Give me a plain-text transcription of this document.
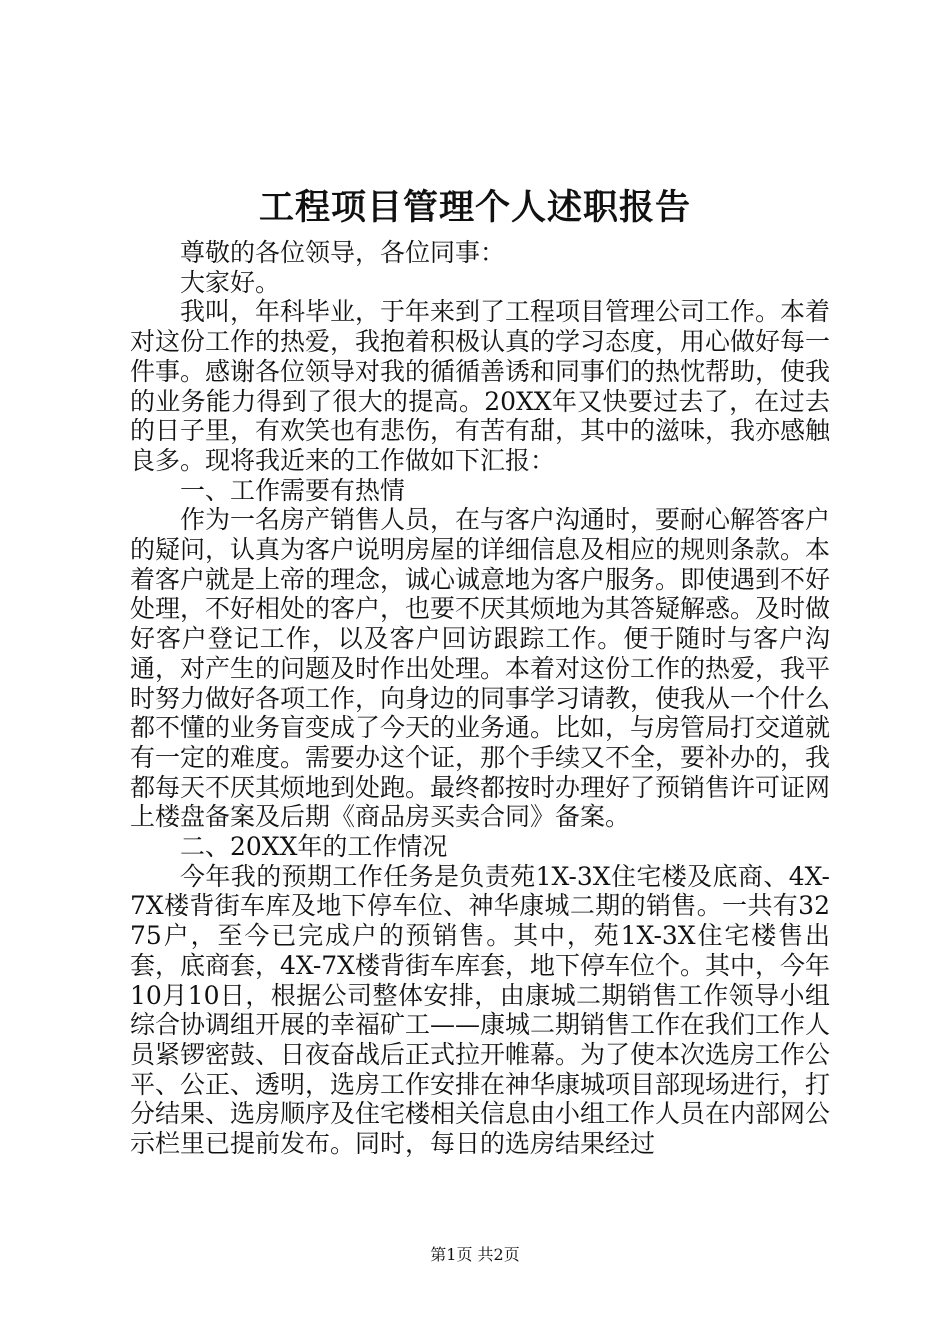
工程项目管理个人述职报告

尊敬的各位领导，各位同事：

大家好。

我叫，年科毕业，于年来到了工程项目管理公司工作。本着对这份工作的热爱，我抱着积极认真的学习态度，用心做好每一件事。感谢各位领导对我的循循善诱和同事们的热忱帮助，使我的业务能力得到了很大的提高。20XX年又快要过去了，在过去的日子里，有欢笑也有悲伤，有苦有甜，其中的滋味，我亦感触良多。现将我近来的工作做如下汇报：

一、工作需要有热情

作为一名房产销售人员，在与客户沟通时，要耐心解答客户的疑问，认真为客户说明房屋的详细信息及相应的规则条款。本着客户就是上帝的理念，诚心诚意地为客户服务。即使遇到不好处理，不好相处的客户，也要不厌其烦地为其答疑解惑。及时做好客户登记工作，以及客户回访跟踪工作。便于随时与客户沟通，对产生的问题及时作出处理。本着对这份工作的热爱，我平时努力做好各项工作，向身边的同事学习请教，使我从一个什么都不懂的业务盲变成了今天的业务通。比如，与房管局打交道就有一定的难度。需要办这个证，那个手续又不全，要补办的，我都每天不厌其烦地到处跑。最终都按时办理好了预销售许可证网上楼盘备案及后期《商品房买卖合同》备案。

二、20XX年的工作情况

今年我的预期工作任务是负责苑1X-3X住宅楼及底商、4X-7X楼背街车库及地下停车位、神华康城二期的销售。一共有3275户，至今已完成户的预销售。其中，苑1X-3X住宅楼售出套，底商套，4X-7X楼背街车库套，地下停车位个。其中，今年10月10日，根据公司整体安排，由康城二期销售工作领导小组综合协调组开展的幸福矿工——康城二期销售工作在我们工作人员紧锣密鼓、日夜奋战后正式拉开帷幕。为了使本次选房工作公平、公正、透明，选房工作安排在神华康城项目部现场进行，打分结果、选房顺序及住宅楼相关信息由小组工作人员在内部网公示栏里已提前发布。同时，每日的选房结果经过

第1页 共2页
